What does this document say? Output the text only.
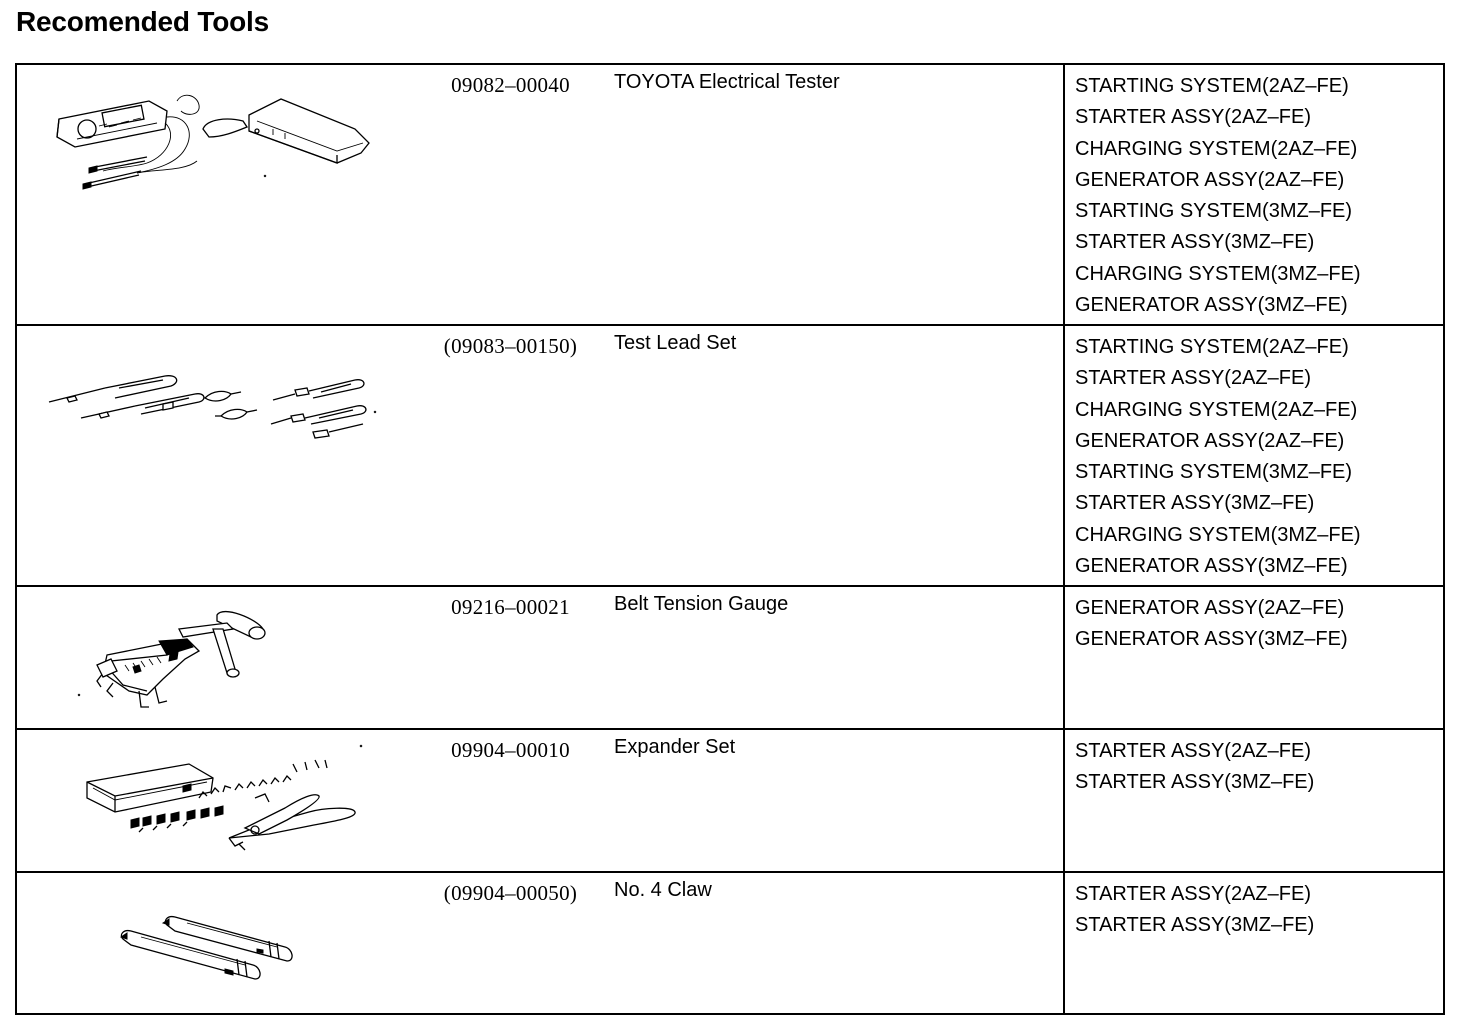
Recomended Tools
09082–00040	TOYOTA Electrical Tester	STARTING SYSTEM(2AZ–FE)
STARTER ASSY(2AZ–FE)
CHARGING SYSTEM(2AZ–FE)
GENERATOR ASSY(2AZ–FE)
STARTING SYSTEM(3MZ–FE)
STARTER ASSY(3MZ–FE)
CHARGING SYSTEM(3MZ–FE)
GENERATOR ASSY(3MZ–FE)
(09083–00150)	Test Lead Set	STARTING SYSTEM(2AZ–FE)
STARTER ASSY(2AZ–FE)
CHARGING SYSTEM(2AZ–FE)
GENERATOR ASSY(2AZ–FE)
STARTING SYSTEM(3MZ–FE)
STARTER ASSY(3MZ–FE)
CHARGING SYSTEM(3MZ–FE)
GENERATOR ASSY(3MZ–FE)
09216–00021	Belt Tension Gauge	GENERATOR ASSY(2AZ–FE)
GENERATOR ASSY(3MZ–FE)
09904–00010	Expander Set	STARTER ASSY(2AZ–FE)
STARTER ASSY(3MZ–FE)
(09904–00050)	No. 4 Claw	STARTER ASSY(2AZ–FE)
STARTER ASSY(3MZ–FE)
